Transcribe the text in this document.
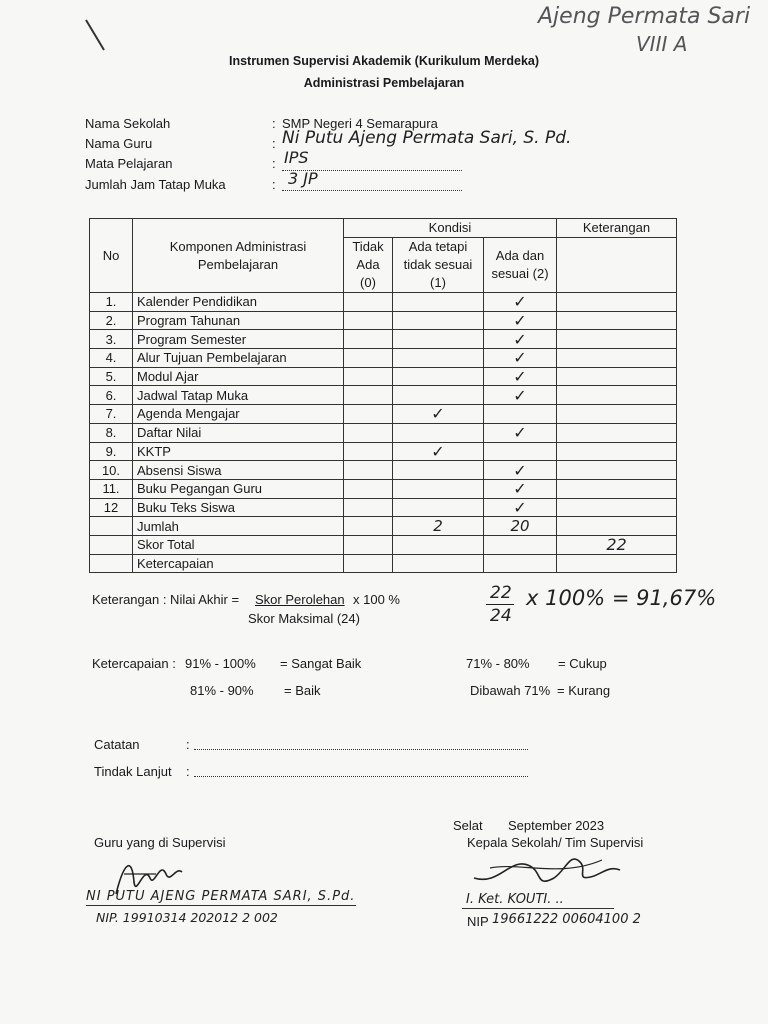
Ajeng Permata Sari
VIII A
Instrumen Supervisi Akademik (Kurikulum Merdeka)
Administrasi Pembelajaran
Nama Sekolah	: SMP Negeri 4 Semarapura
Nama Guru	: Ni Putu Ajeng Permata Sari, S. Pd.
Mata Pelajaran	: IPS
Jumlah Jam Tatap Muka	: 3 JP
No	Komponen Administrasi Pembelajaran	Kondisi			Keterangan
		Tidak Ada (0)	Ada tetapi tidak sesuai (1)	Ada dan sesuai (2)	
1.	Kalender Pendidikan			✓	
2.	Program Tahunan			✓	
3.	Program Semester			✓	
4.	Alur Tujuan Pembelajaran			✓	
5.	Modul Ajar			✓	
6.	Jadwal Tatap Muka			✓	
7.	Agenda Mengajar		✓		
8.	Daftar Nilai			✓	
9.	KKTP		✓		
10.	Absensi Siswa			✓	
11.	Buku Pegangan Guru			✓	
12	Buku Teks Siswa			✓	
	Jumlah		2	20	
	Skor Total				22
	Ketercapaian				
Keterangan : Nilai Akhir = Skor Perolehan x 100 %
Skor Maksimal (24)
22
24
x 100% = 91,67%
Ketercapaian : 91% - 100% = Sangat Baik
81% - 90% = Baik
71% - 80% = Cukup
Dibawah 71% = Kurang
Catatan	:
Tindak Lanjut :
Guru yang di Supervisi
NI PUTU AJENG PERMATA SARI, S.Pd.
NIP. 19910314 202012 2 002
Selat September 2023
Kepala Sekolah/ Tim Supervisi
I. Ket. KOUTI. ..
NIP 19661222 00604100 2
